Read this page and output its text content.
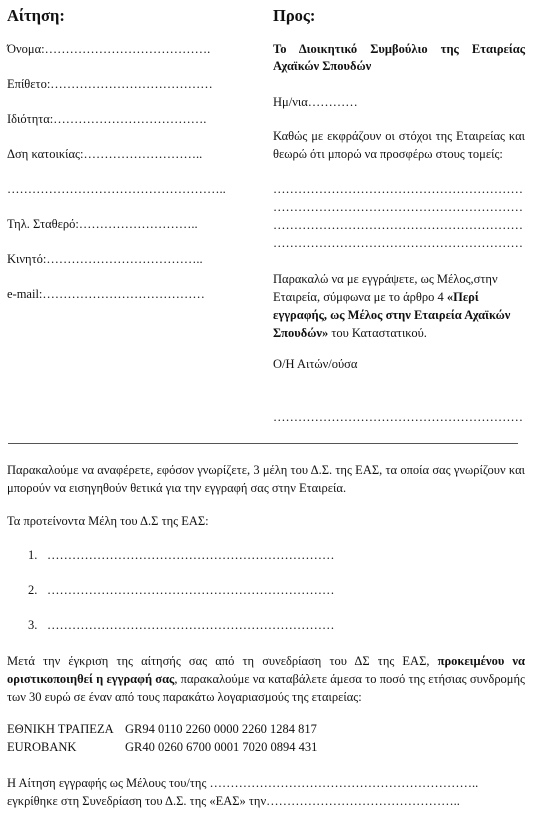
Αίτηση:
Όνομα:………………………………….
Επίθετο:…………………………………
Ιδιότητα:……………………………….
Δση κατοικίας:………………………..
……………………………………………..
Τηλ. Σταθερό:………………………..
Κινητό:………………………………..
e-mail:…………………………………
Προς:
Το Διοικητικό Συμβούλιο της Εταιρείας Αχαϊκών Σπουδών
Ημ/νια…………
Καθώς με εκφράζουν οι στόχοι της Εταιρείας και θεωρώ ότι μπορώ να προσφέρω στους τομείς:
……………………………………………………
……………………………………………………
……………………………………………………
……………………………………………………
Παρακαλώ να με εγγράψετε, ως Μέλος,στην Εταιρεία, σύμφωνα με το άρθρο 4 «Περί εγγραφής, ως Μέλος στην Εταιρεία Αχαϊκών Σπουδών» του Καταστατικού.
Ο/Η Αιτών/ούσα
……………………………………………………
Παρακαλούμε να αναφέρετε, εφόσον γνωρίζετε, 3 μέλη του Δ.Σ. της ΕΑΣ, τα οποία σας γνωρίζουν και μπορούν να εισηγηθούν θετικά για την εγγραφή σας στην Εταιρεία.
Τα προτείνοντα Μέλη του Δ.Σ της ΕΑΣ:
1. ……………………………………………………………
2. ……………………………………………………………
3. ……………………………………………………………
Μετά την έγκριση της αίτησής σας από τη συνεδρίαση του ΔΣ της ΕΑΣ, προκειμένου να οριστικοποιηθεί η εγγραφή σας, παρακαλούμε να καταβάλετε άμεσα το ποσό της ετήσιας συνδρομής των 30 ευρώ σε έναν από τους παρακάτω λογαριασμούς της εταιρείας:
ΕΘΝΙΚΗ ΤΡΑΠΕΖΑ GR94 0110 2260 0000 2260 1284 817
EUROBANK	GR40 0260 6700 0001 7020 0894 431
Η Αίτηση εγγραφής ως Μέλους του/της ………………………………………………………..
εγκρίθηκε στη Συνεδρίαση του Δ.Σ. της «ΕΑΣ» την………………………………………..
